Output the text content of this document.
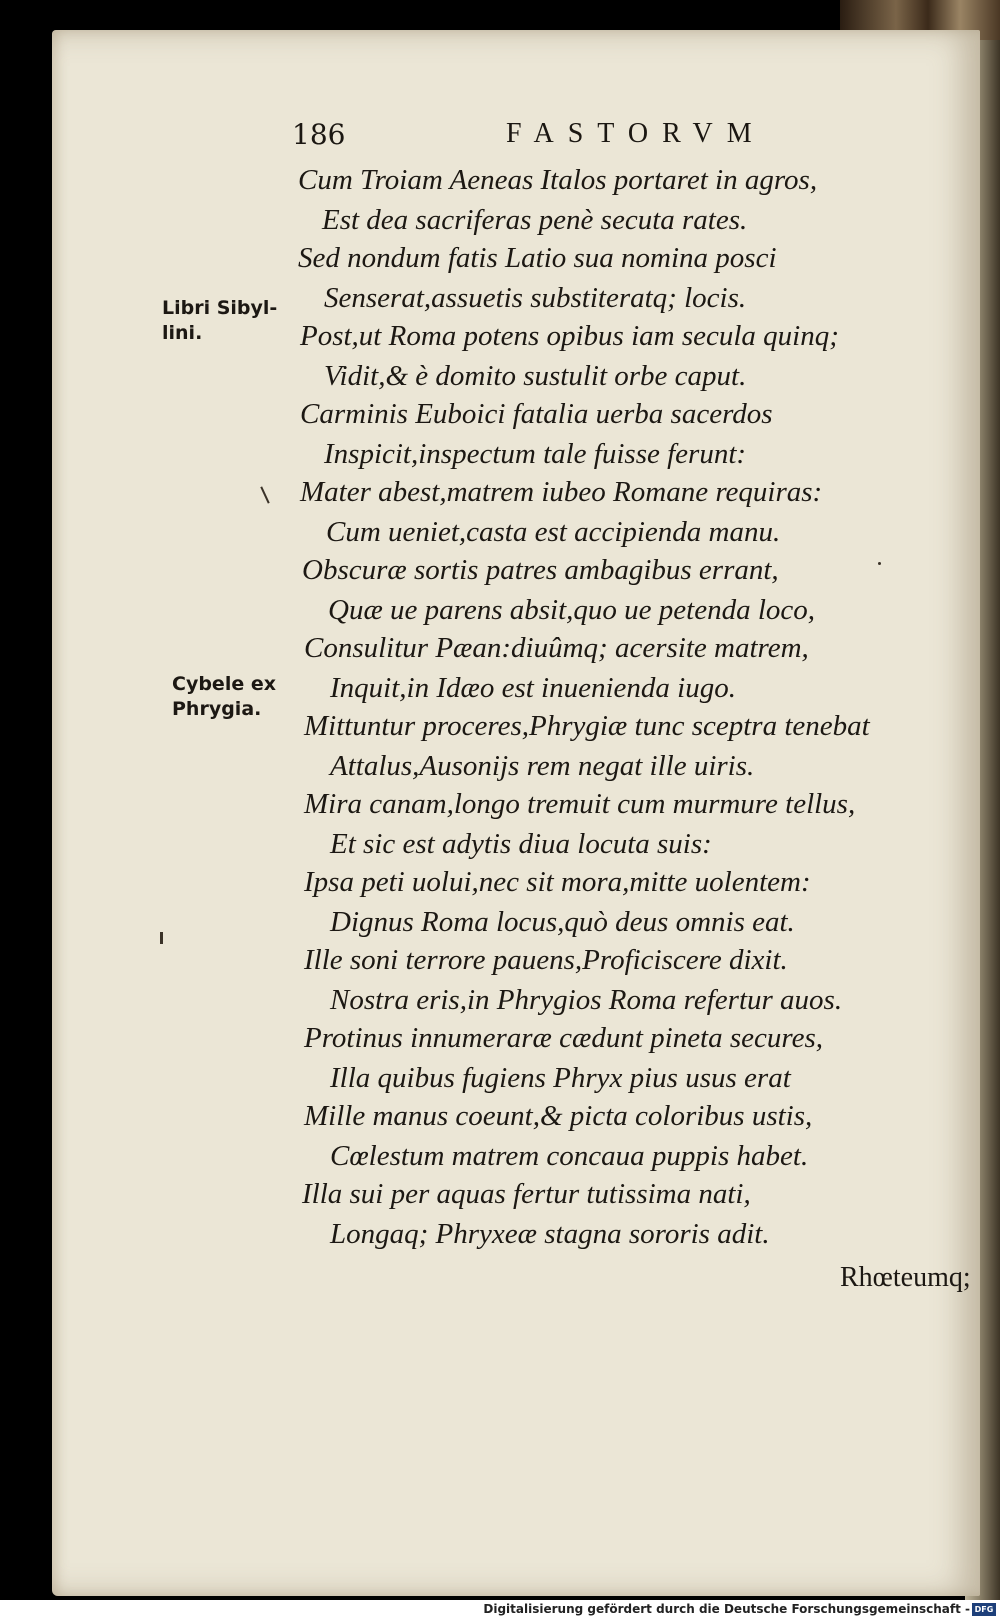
186	FASTORVM
Cum Troiam Aeneas Italos portaret in agros,
Est dea sacriferas penè secuta rates.
Sed nondum fatis Latio sua nomina posci
Senserat,assuetis substiteratq; locis.
Post,ut Roma potens opibus iam secula quinq;
Vidit,& è domito sustulit orbe caput.
Carminis Euboici fatalia uerba sacerdos
Inspicit,inspectum tale fuisse ferunt:
Mater abest,matrem iubeo Romane requiras:
Cum ueniet,casta est accipienda manu.
Obscuræ sortis patres ambagibus errant,
Quæ ue parens absit,quo ue petenda loco,
Consulitur Pæan:diuûmq; acersite matrem,
Inquit,in Idæo est inuenienda iugo.
Mittuntur proceres,Phrygiæ tunc sceptra tenebat
Attalus,Ausonijs rem negat ille uiris.
Mira canam,longo tremuit cum murmure tellus,
Et sic est adytis diua locuta suis:
Ipsa peti uolui,nec sit mora,mitte uolentem:
Dignus Roma locus,quò deus omnis eat.
Ille soni terrore pauens,Proficiscere dixit.
Nostra eris,in Phrygios Roma refertur auos.
Protinus innumeraræ cædunt pineta secures,
Illa quibus fugiens Phryx pius usus erat
Mille manus coeunt,& picta coloribus ustis,
Cœlestum matrem concaua puppis habet.
Illa sui per aquas fertur tutissima nati,
Longaq; Phryxeæ stagna sororis adit.
Libri Sibyl-
lini.
Cybele ex
Phrygia.
Rhœteumq;
Digitalisierung gefördert durch die Deutsche Forschungsgemeinschaft - DFG
